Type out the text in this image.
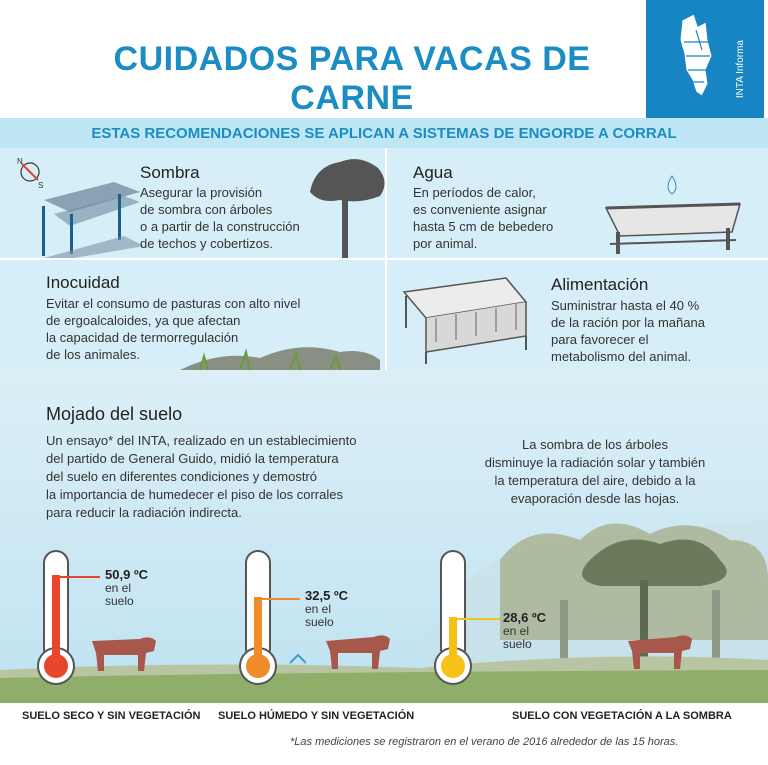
CUIDADOS PARA VACAS DE CARNE	INTA Informa
ESTAS RECOMENDACIONES SE APLICAN A SISTEMAS DE ENGORDE A CORRAL
N
S
Sombra
Asegurar la provisión
de sombra con árboles
o a partir de la construcción
de techos y cobertizos.
Agua
En períodos de calor,
es conveniente asignar
hasta 5 cm de bebedero
por animal.
Inocuidad
Evitar el consumo de pasturas con alto nivel
de ergoalcaloides, ya que afectan
la capacidad de termorregulación
de los animales.
Alimentación
Suministrar hasta el 40 %
de la ración por la mañana
para favorecer el
metabolismo del animal.
Mojado del suelo
Un ensayo* del INTA, realizado en un establecimiento
del partido de General Guido, midió la temperatura
del suelo en diferentes condiciones y demostró
la importancia de humedecer el piso de los corrales
para reducir la radiación indirecta.
La sombra de los árboles
disminuye la radiación solar y también
la temperatura del aire, debido a la
evaporación desde las hojas.
50,9 ºC
en el
suelo	32,5 ºC
en el
suelo	28,6 ºC
en el
suelo
SUELO SECO Y SIN VEGETACIÓN SUELO HÚMEDO Y SIN VEGETACIÓN	SUELO CON VEGETACIÓN A LA SOMBRA
*Las mediciones se registraron en el verano de 2016 alrededor de las 15 horas.
